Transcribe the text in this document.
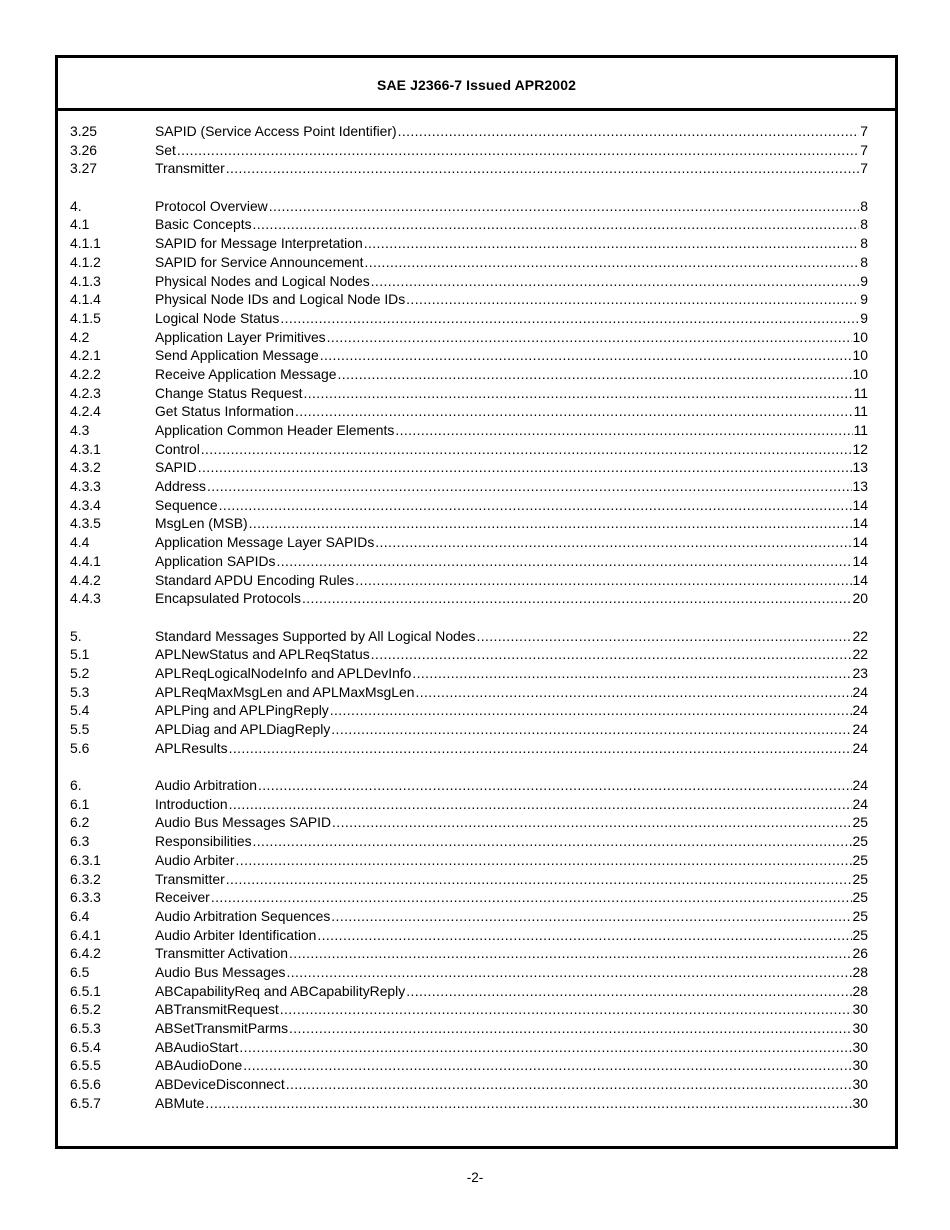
SAE J2366-7 Issued APR2002
3.25	SAPID (Service Access Point Identifier) .....	7
3.26	Set .....	7
3.27	Transmitter .....	7
4.	Protocol Overview .....	8
4.1	Basic Concepts .....	8
4.1.1	SAPID for Message Interpretation .....	8
4.1.2	SAPID for Service Announcement .....	8
4.1.3	Physical Nodes and Logical Nodes .....	9
4.1.4	Physical Node IDs and Logical Node IDs .....	9
4.1.5	Logical Node Status .....	9
4.2	Application Layer Primitives .....	10
4.2.1	Send Application Message .....	10
4.2.2	Receive Application Message .....	10
4.2.3	Change Status Request .....	11
4.2.4	Get Status Information .....	11
4.3	Application Common Header Elements .....	11
4.3.1	Control .....	12
4.3.2	SAPID .....	13
4.3.3	Address .....	13
4.3.4	Sequence .....	14
4.3.5	MsgLen (MSB) .....	14
4.4	Application Message Layer SAPIDs .....	14
4.4.1	Application SAPIDs .....	14
4.4.2	Standard APDU Encoding Rules .....	14
4.4.3	Encapsulated Protocols .....	20
5.	Standard Messages Supported by All Logical Nodes .....	22
5.1	APLNewStatus and APLReqStatus .....	22
5.2	APLReqLogicalNodeInfo and APLDevInfo .....	23
5.3	APLReqMaxMsgLen and APLMaxMsgLen .....	24
5.4	APLPing and APLPingReply .....	24
5.5	APLDiag and APLDiagReply .....	24
5.6	APLResults .....	24
6.	Audio Arbitration .....	24
6.1	Introduction .....	24
6.2	Audio Bus Messages SAPID .....	25
6.3	Responsibilities .....	25
6.3.1	Audio Arbiter .....	25
6.3.2	Transmitter .....	25
6.3.3	Receiver .....	25
6.4	Audio Arbitration Sequences .....	25
6.4.1	Audio Arbiter Identification .....	25
6.4.2	Transmitter Activation .....	26
6.5	Audio Bus Messages .....	28
6.5.1	ABCapabilityReq and ABCapabilityReply .....	28
6.5.2	ABTransmitRequest .....	30
6.5.3	ABSetTransmitParms .....	30
6.5.4	ABAudioStart .....	30
6.5.5	ABAudioDone .....	30
6.5.6	ABDeviceDisconnect .....	30
6.5.7	ABMute .....	30
-2-
